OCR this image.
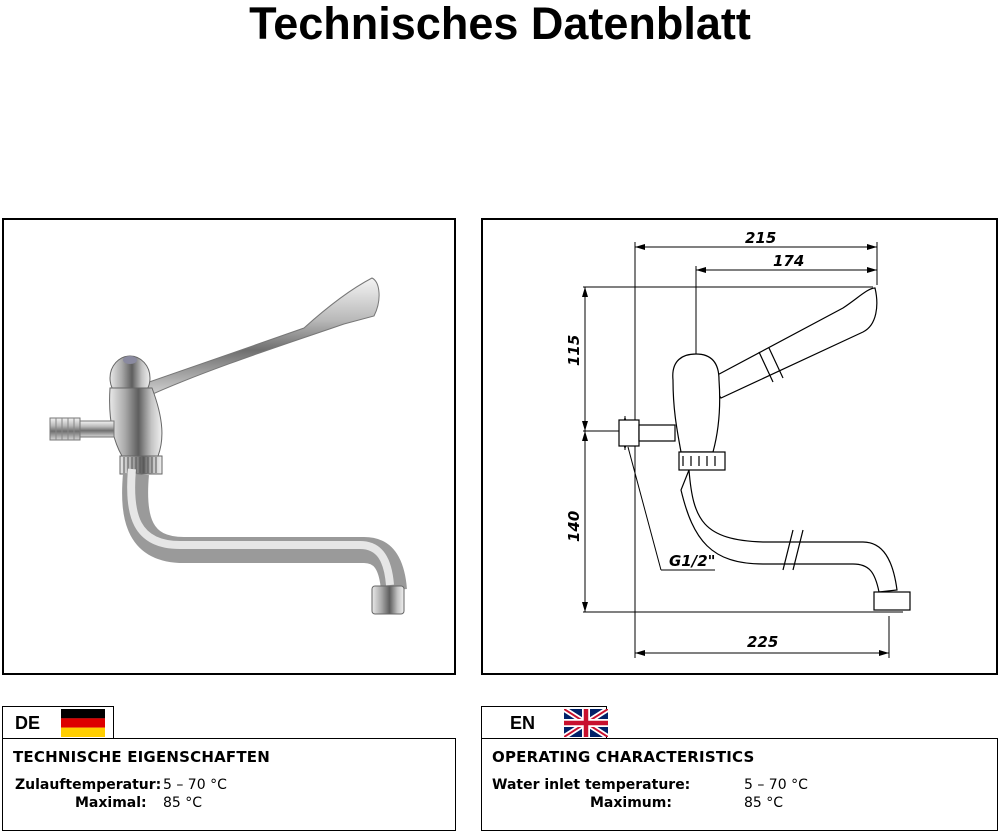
Technisches Datenblatt
215
174
115
140
225
G1/2"
DE
TECHNISCHE EIGENSCHAFTEN
Zulauftemperatur: 5 – 70 °C
Maximal: 85 °C
EN
OPERATING CHARACTERISTICS
Water inlet temperature:	5 – 70 °C
Maximum:	85 °C
